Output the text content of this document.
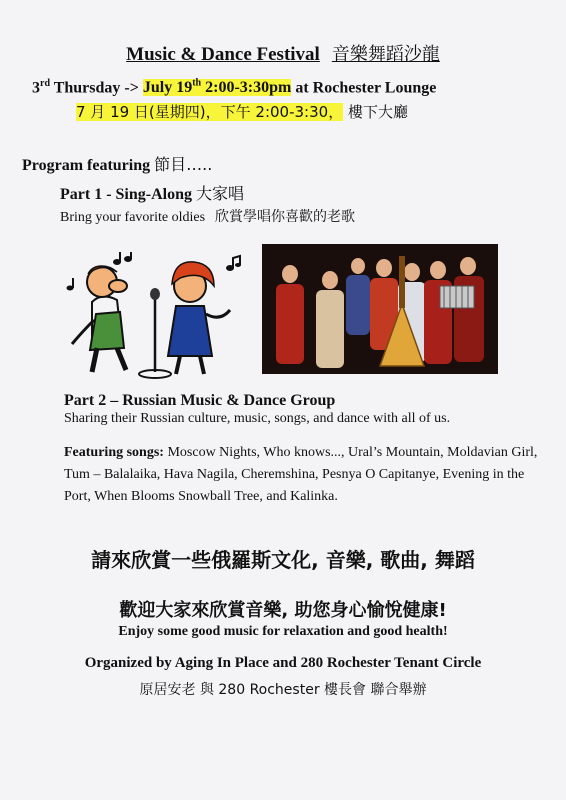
Music & Dance Festival 音樂舞蹈沙龍
3rd Thursday -> July 19th 2:00-3:30pm at Rochester Lounge
7 月 19 日(星期四)，下午 2:00-3:30， 樓下大廳
Program featuring 節目…..
Part 1 - Sing-Along 大家唱
Bring your favorite oldies 欣賞學唱你喜歡的老歌
Part 2 – Russian Music & Dance Group
Sharing their Russian culture, music, songs, and dance with all of us.
Featuring songs: Moscow Nights, Who knows..., Ural’s Mountain, Moldavian Girl, Tum – Balalaika, Hava Nagila, Cheremshina, Pesnya O Capitanye, Evening in the Port, When Blooms Snowball Tree, and Kalinka.
請來欣賞一些俄羅斯文化, 音樂, 歌曲, 舞蹈
歡迎大家來欣賞音樂, 助您身心愉悅健康!
Enjoy some good music for relaxation and good health!
Organized by Aging In Place and 280 Rochester Tenant Circle
原居安老 與 280 Rochester 樓長會 聯合舉辦
